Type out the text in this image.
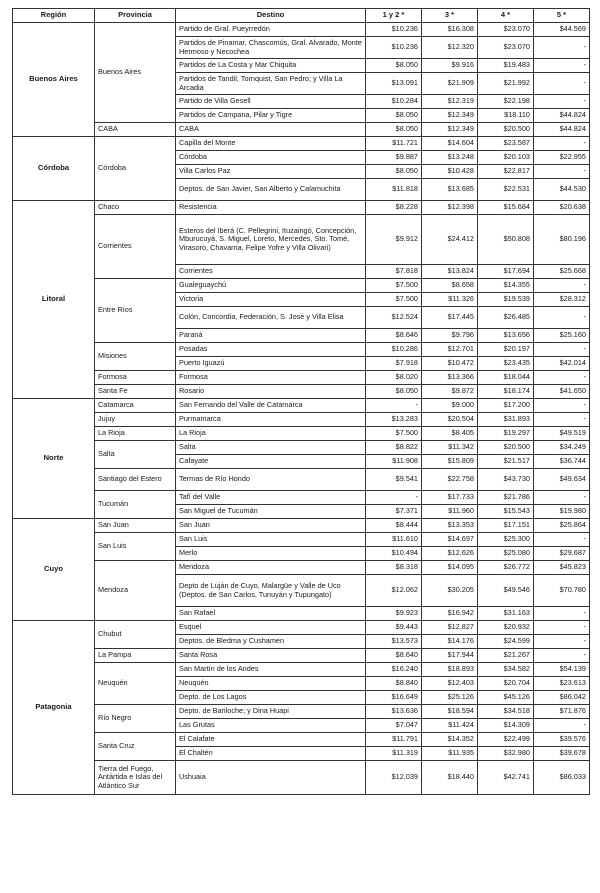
Región	Provincia	Destino	1 y 2 *	3 *	4 *	5 *
Buenos Aires	Buenos Aires	Partido de Gral. Pueyrredón	$10.236	$16.308	$23.070	$44.569
		Partidos de Pinamar, Chascomús, Gral. Alvarado, Monte Hermoso y Necochea	$10.236	$12.320	$23.070	-
		Partidos de La Costa y Mar Chiquita	$8.050	$9.916	$19.483	-
		Partidos de Tandil, Tornquist, San Pedro; y Villa La Arcadia	$13.091	$21.909	$21.992	-
		Partido de Villa Gesell	$10.284	$12.319	$22.198	-
		Partidos de Campana, Pilar y Tigre	$8.050	$12.349	$18.110	$44.824
	CABA	CABA	$8.050	$12.349	$20.500	$44.824
Córdoba	Córdoba	Capilla del Monte	$11.721	$14.604	$23.587	-
		Córdoba	$9.887	$13.248	$20.103	$22.955
		Villa Carlos Paz	$8.050	$10.428	$22.817	-
		Deptos. de San Javier, San Alberto y Calamuchita	$11.818	$13.685	$22.531	$44.530
Litoral	Chaco	Resistencia	$8.228	$12.398	$15.684	$20.638
	Corrientes	Esteros del Iberá (C. Pellegrini, Ituzaingó, Concepción, Mburucuyá, S. Miguel, Loreto, Mercedes, Sto. Tomé, Virasoro, Chavarria, Felipe Yofre y Villa Olivari)	$9.912	$24.412	$50.808	$80.196
		Corrientes	$7.818	$13.824	$17.694	$25.668
	Entre Ríos	Gualeguaychú	$7.500	$8.658	$14.355	-
		Victoria	$7.500	$11.326	$19.539	$28.312
		Colón, Concordia, Federación, S. José y Villa Elisa	$12.524	$17.445	$26.485	-
		Paraná	$8.646	$9.796	$13.656	$25.160
	Misiones	Posadas	$10.286	$12.701	$20.197	-
		Puerto Iguazú	$7.918	$10.472	$23.435	$42.014
	Formosa	Formosa	$8.020	$13.366	$18.044	-
	Santa Fe	Rosario	$8.050	$9.872	$18.174	$41.650
Norte	Catamarca	San Fernando del Valle de Catamarca	-	$9.000	$17.200	-
	Jujuy	Purmamarca	$13.283	$20.504	$31.893	-
	La Rioja	La Rioja	$7.500	$8.405	$19.297	$49.519
	Salta	Salta	$8.822	$11.342	$20.500	$34.249
		Cafayate	$11.908	$15.809	$21.517	$36.744
	Santiago del Estero	Termas de Río Hondo	$9.541	$22.758	$43.730	$49.634
	Tucumán	Tafí del Valle	-	$17.733	$21.786	-
		San Miguel de Tucumán	$7.371	$11.960	$15.543	$19.980
Cuyo	San Juan	San Juan	$8.444	$13.353	$17.151	$25.864
	San Luis	San Luis	$11.610	$14.697	$25.300	-
		Merlo	$10.494	$12.626	$25.080	$29.687
	Mendoza	Mendoza	$8.318	$14.095	$26.772	$45.823
		Depto de Luján de Cuyo, Malargüe y Valle de Uco (Deptos. de San Carlos, Tunuyán y Tupungato)	$12.062	$30.205	$49.546	$70.780
		San Rafael	$9.923	$16.942	$31.163	-
Patagonia	Chubut	Esquel	$9.443	$12.827	$20.932	-
		Deptos. de Bledma y Cushamen	$13.573	$14.176	$24.599	-
	La Pampa	Santa Rosa	$8.640	$17.944	$21.267	-
	Neuquén	San Martín de los Andes	$16.240	$18.893	$34.582	$54.139
		Neuquén	$8.840	$12.403	$20.704	$23.613
		Depto. de Los Lagos	$16.649	$25.126	$45.126	$86.042
	Río Negro	Depto. de Bariloche; y Dina Huapi	$13.636	$18.594	$34.518	$71.876
		Las Grutas	$7.047	$11.424	$14.309	-
	Santa Cruz	El Calafate	$11.791	$14.352	$22.499	$39.576
		El Chaltén	$11.319	$11.935	$32.980	$39.678
	Tierra del Fuego, Antártida e Islas del Atlántico Sur	Ushuaia	$12.039	$18.440	$42.741	$86.033
